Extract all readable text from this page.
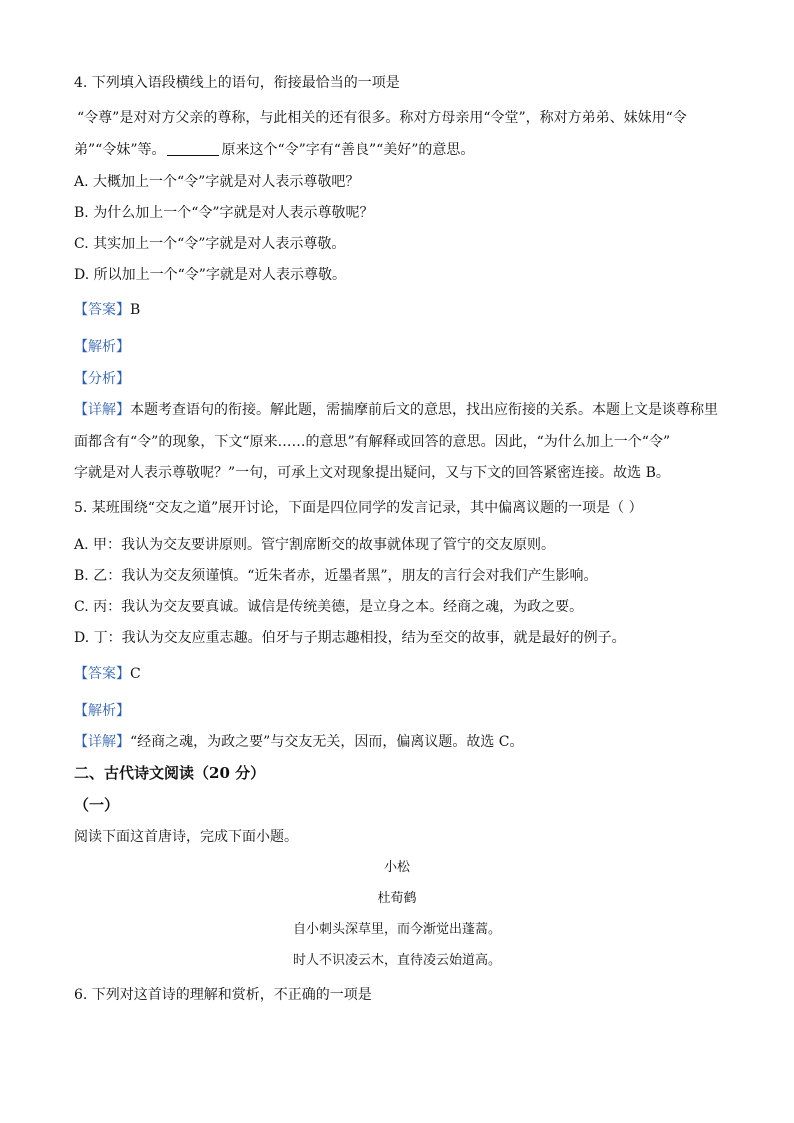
4. 下列填入语段横线上的语句，衔接最恰当的一项是
“令尊”是对对方父亲的尊称，与此相关的还有很多。称对方母亲用“令堂”，称对方弟弟、妹妹用“令
弟”“令妹”等。	原来这个“令”字有“善良”“美好”的意思。
A. 大概加上一个“令”字就是对人表示尊敬吧？
B. 为什么加上一个“令”字就是对人表示尊敬呢？
C. 其实加上一个“令”字就是对人表示尊敬。
D. 所以加上一个“令”字就是对人表示尊敬。
【答案】B
【解析】
【分析】
【详解】本题考查语句的衔接。解此题，需揣摩前后文的意思，找出应衔接的关系。本题上文是谈尊称里
面都含有“令”的现象，下文“原来……的意思”有解释或回答的意思。因此，“为什么加上一个“令”
字就是对人表示尊敬呢？”一句，可承上文对现象提出疑问，又与下文的回答紧密连接。故选 B。
5. 某班围绕“交友之道”展开讨论，下面是四位同学的发言记录，其中偏离议题的一项是（ ）
A. 甲：我认为交友要讲原则。管宁割席断交的故事就体现了管宁的交友原则。
B. 乙：我认为交友须谨慎。“近朱者赤，近墨者黑”，朋友的言行会对我们产生影响。
C. 丙：我认为交友要真诚。诚信是传统美德，是立身之本。经商之魂，为政之要。
D. 丁：我认为交友应重志趣。伯牙与子期志趣相投，结为至交的故事，就是最好的例子。
【答案】C
【解析】
【详解】“经商之魂，为政之要”与交友无关，因而，偏离议题。故选 C。
二、古代诗文阅读（20 分）
（一）
阅读下面这首唐诗，完成下面小题。
小松
杜荀鹤
自小刺头深草里，而今渐觉出蓬蒿。
时人不识凌云木，直待凌云始道高。
6. 下列对这首诗的理解和赏析，不正确的一项是
